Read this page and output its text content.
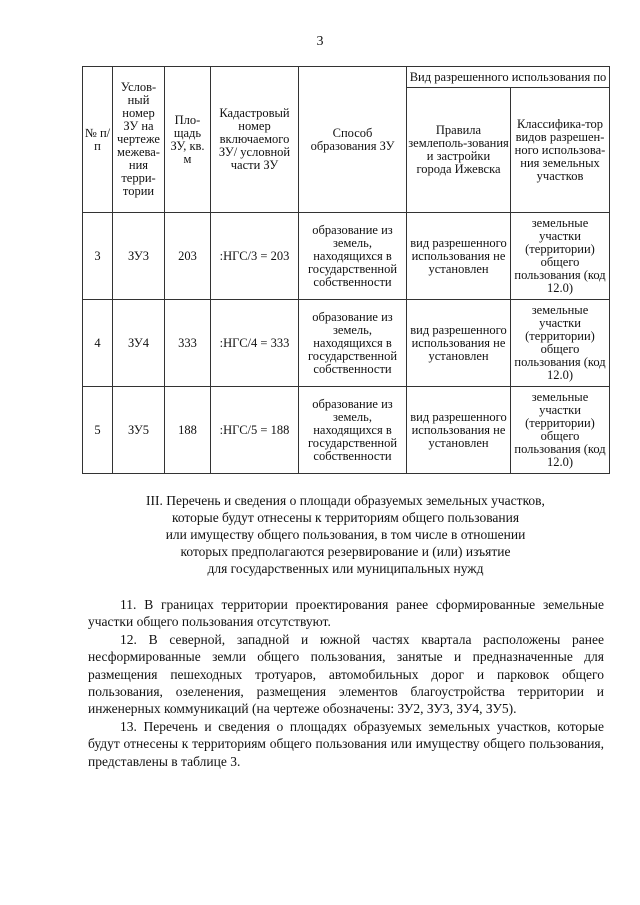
3
№ п/п	Услов-ный номер ЗУ на чертеже межева-ния терри-тории	Пло-щадь ЗУ, кв. м	Кадастровый номер включаемого ЗУ/ условной части ЗУ	Способ образования ЗУ	Вид разрешенного использования по	
					Правила землеполь-зования и застройки города Ижевска	Классифика-тор видов разрешен-ного использова-ния земельных участков
3	ЗУ3	203	:НГС/3 = 203	образование из земель, находящихся в государственной собственности	вид разрешенного использования не установлен	земельные участки (территории) общего пользования (код 12.0)
4	ЗУ4	333	:НГС/4 = 333	образование из земель, находящихся в государственной собственности	вид разрешенного использования не установлен	земельные участки (территории) общего пользования (код 12.0)
5	ЗУ5	188	:НГС/5 = 188	образование из земель, находящихся в государственной собственности	вид разрешенного использования не установлен	земельные участки (территории) общего пользования (код 12.0)
III. Перечень и сведения о площади образуемых земельных участков,
которые будут отнесены к территориям общего пользования
или имуществу общего пользования, в том числе в отношении
которых предполагаются резервирование и (или) изъятие
для государственных или муниципальных нужд

11. В границах территории проектирования ранее сформированные земельные участки общего пользования отсутствуют.

12. В северной, западной и южной частях квартала расположены ранее несформированные земли общего пользования, занятые и предназначенные для размещения пешеходных тротуаров, автомобильных дорог и парковок общего пользования, озеленения, размещения элементов благоустройства территории и инженерных коммуникаций (на чертеже обозначены: ЗУ2, ЗУ3, ЗУ4, ЗУ5).

13. Перечень и сведения о площадях образуемых земельных участков, которые будут отнесены к территориям общего пользования или имуществу общего пользования, представлены в таблице 3.
